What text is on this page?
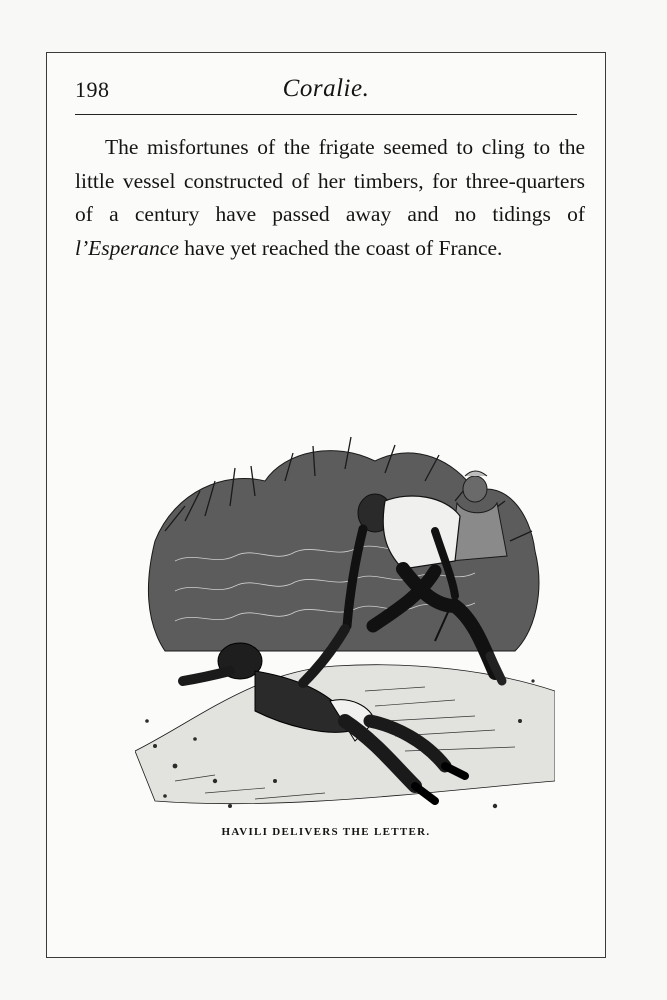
198	Coralie.

The misfortunes of the frigate seemed to cling to the little vessel constructed of her timbers, for three-quarters of a century have passed away and no tidings of l’Esperance have yet reached the coast of France.

HAVILI DELIVERS THE LETTER.
